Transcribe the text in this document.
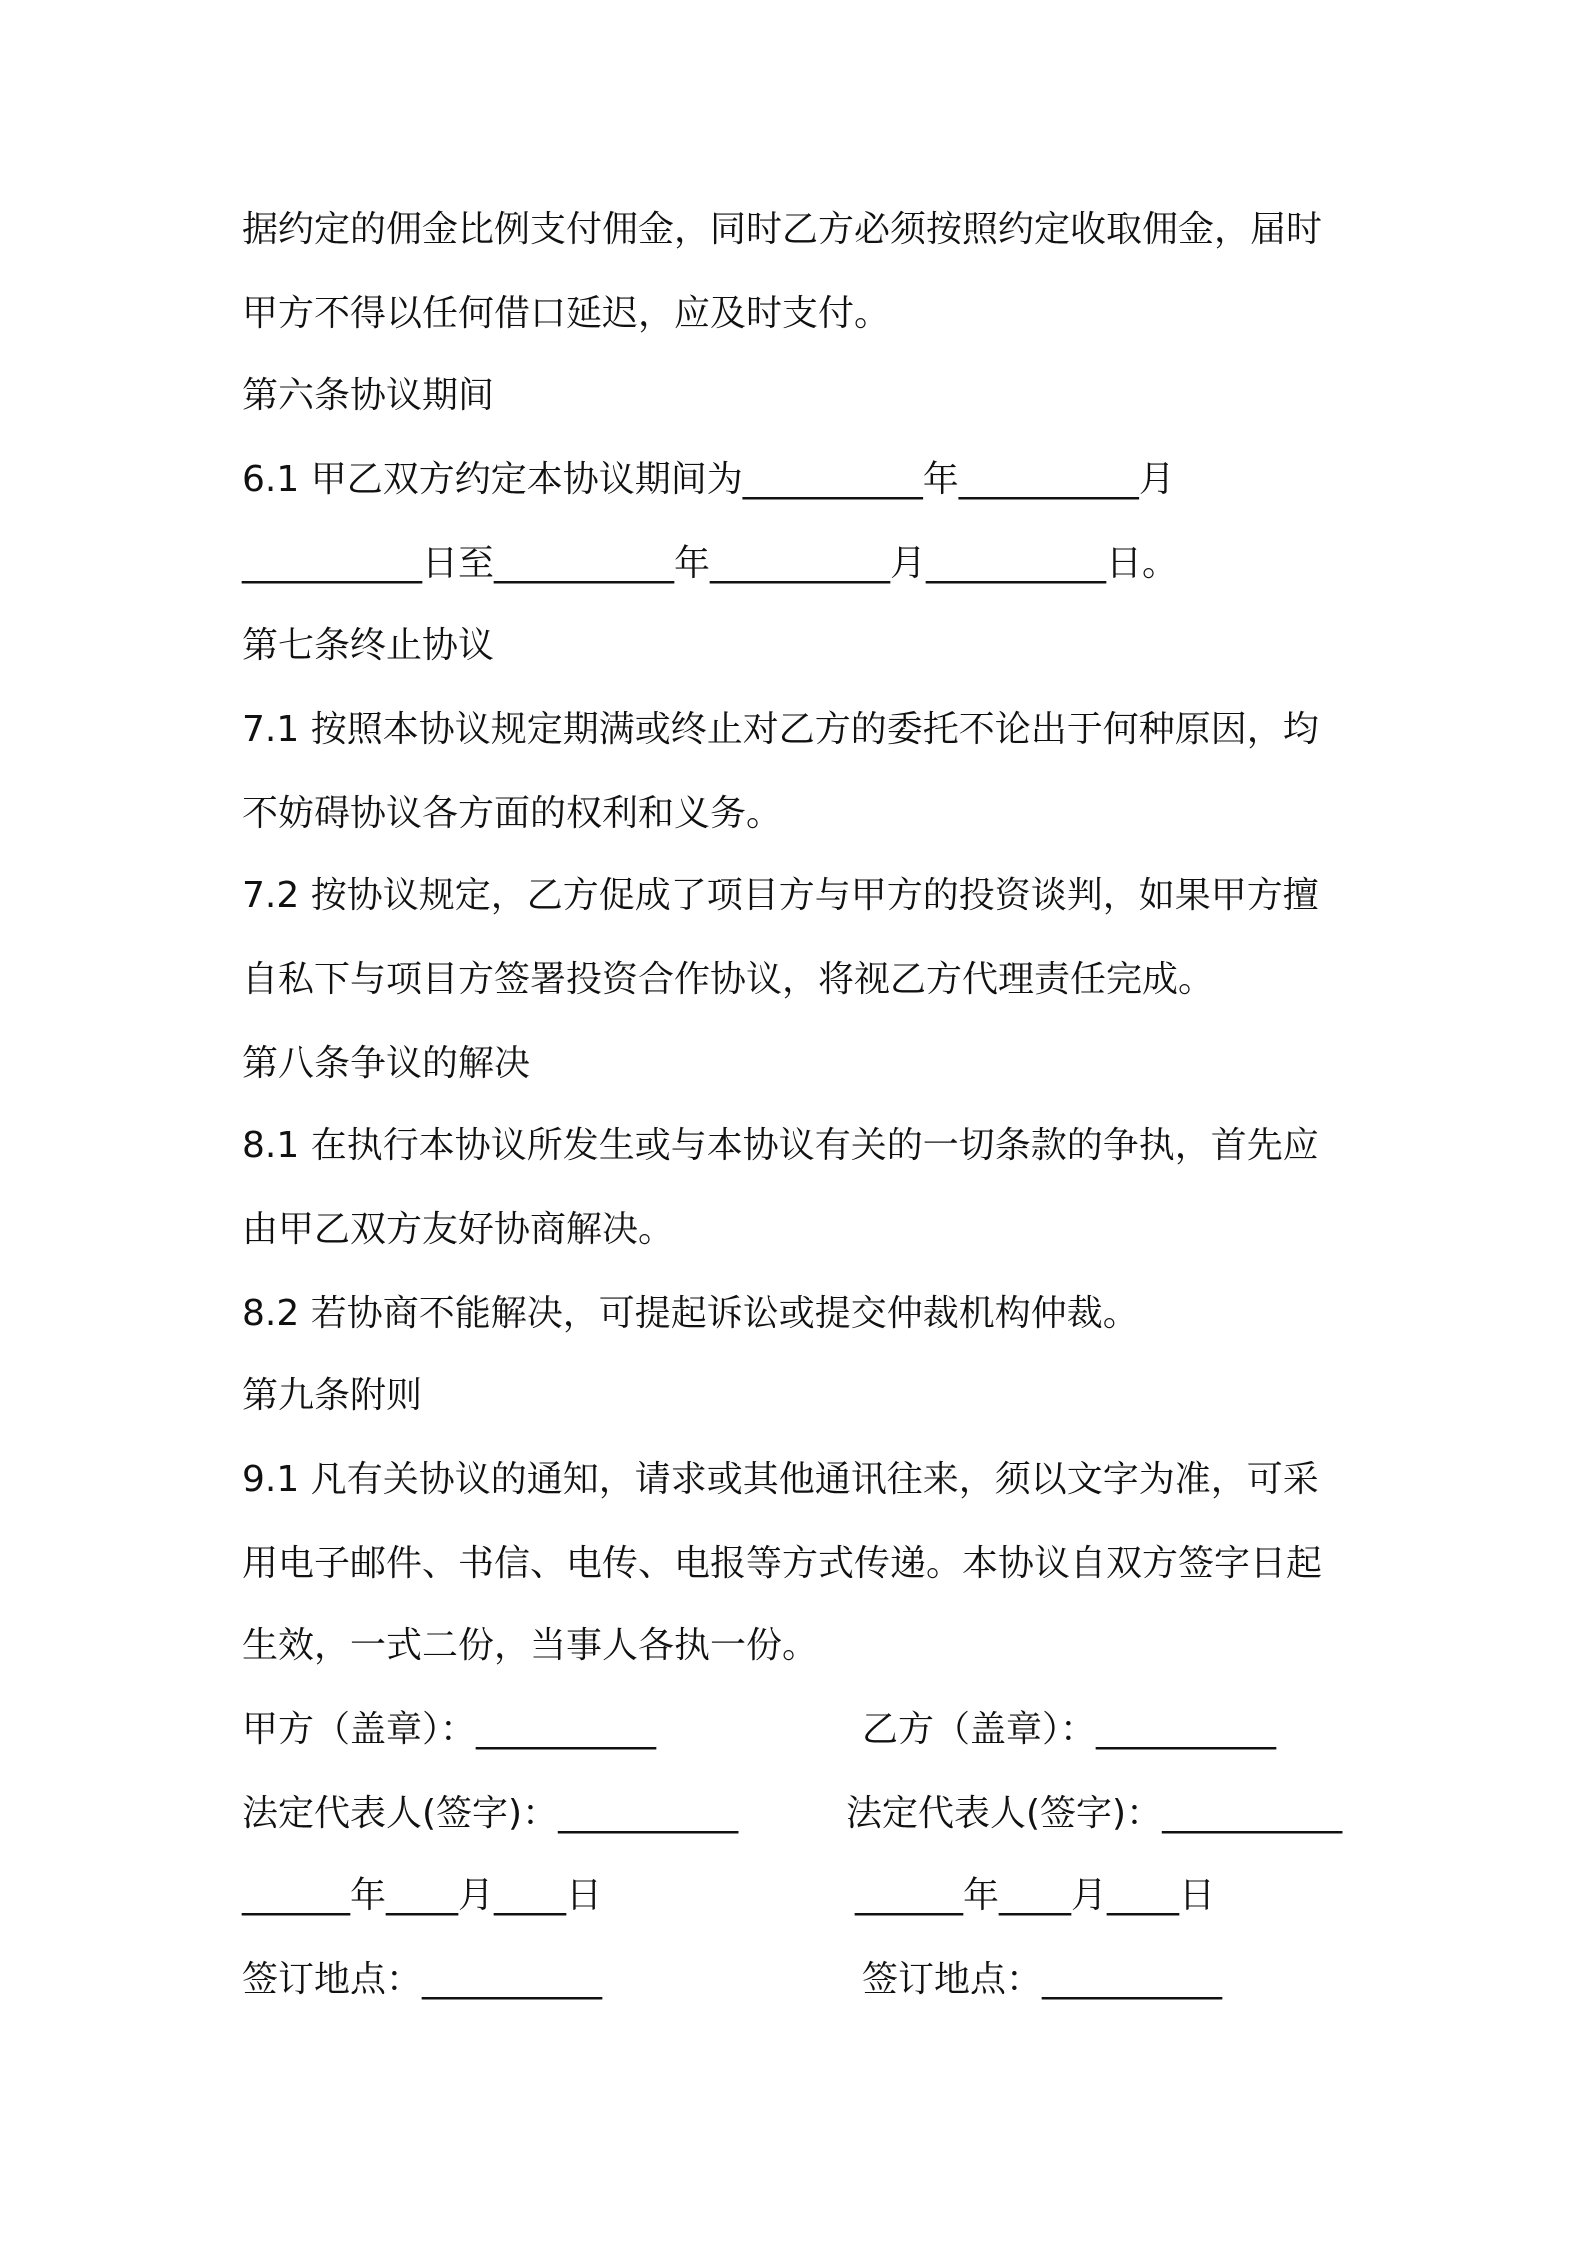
据约定的佣金比例支付佣金，同时乙方必须按照约定收取佣金，届时

甲方不得以任何借口延迟，应及时支付。

第六条协议期间

6.1 甲乙双方约定本协议期间为__________年__________月

__________日至__________年__________月__________日。

第七条终止协议

7.1 按照本协议规定期满或终止对乙方的委托不论出于何种原因，均

不妨碍协议各方面的权利和义务。

7.2 按协议规定，乙方促成了项目方与甲方的投资谈判，如果甲方擅

自私下与项目方签署投资合作协议，将视乙方代理责任完成。

第八条争议的解决

8.1 在执行本协议所发生或与本协议有关的一切条款的争执，首先应

由甲乙双方友好协商解决。

8.2 若协商不能解决，可提起诉讼或提交仲裁机构仲裁。

第九条附则

9.1 凡有关协议的通知，请求或其他通讯往来，须以文字为准，可采

用电子邮件、书信、电传、电报等方式传递。本协议自双方签字日起

生效，一式二份，当事人各执一份。

甲方（盖章）：__________	乙方（盖章）：__________

法定代表人(签字)：__________	法定代表人(签字)：__________

______年____月____日	______年____月____日

签订地点：__________	签订地点：__________
